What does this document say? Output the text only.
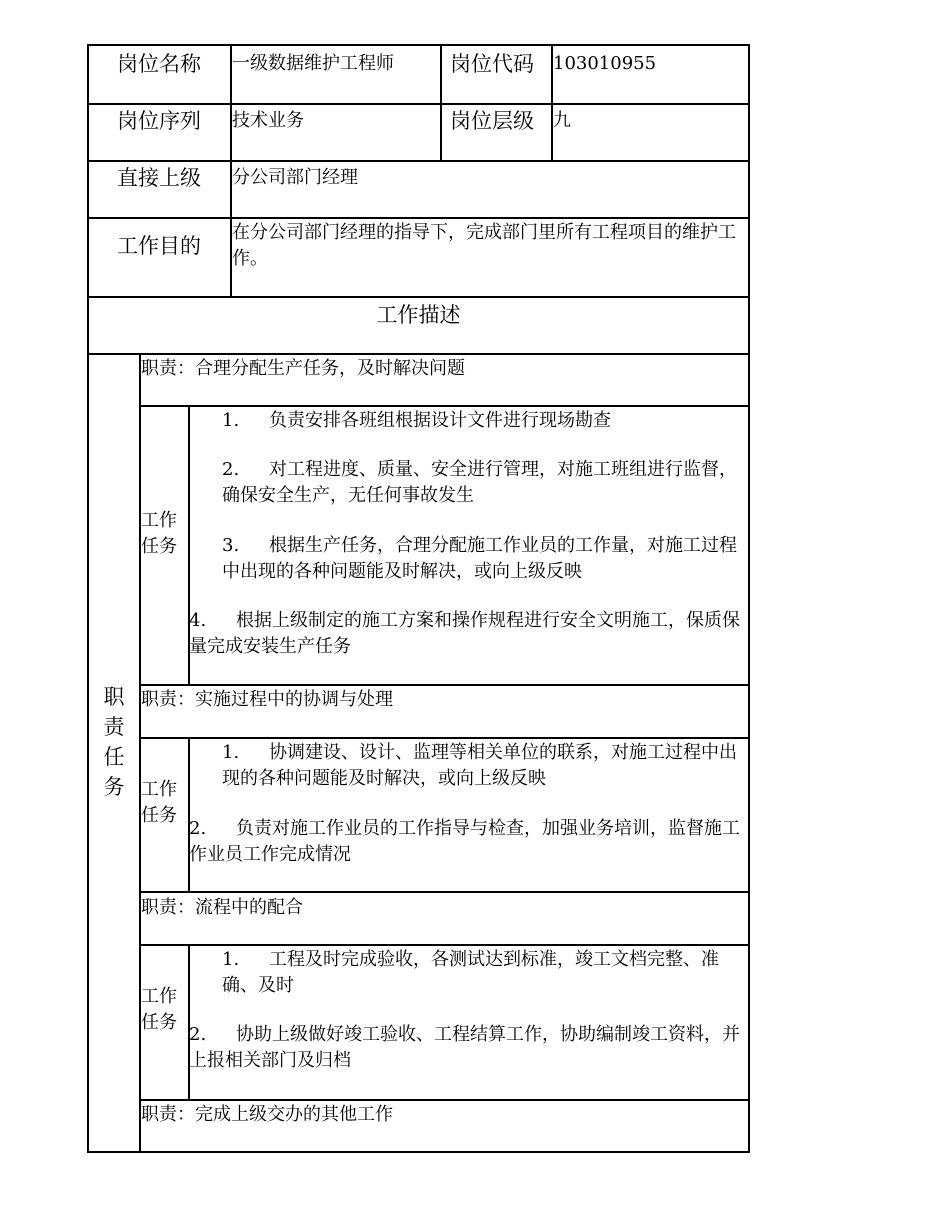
岗位名称 一级数据维护工程师	岗位代码 103010955
岗位序列 技术业务	岗位层级 九
直接上级 分公司部门经理
工作目的
在分公司部门经理的指导下，完成部门里所有工程项目的维护工作。
工作描述
职
责
任
务
职责：合理分配生产任务，及时解决问题
工作任务
1. 负责安排各班组根据设计文件进行现场勘查
2. 对工程进度、质量、安全进行管理，对施工班组进行监督，确保安全生产，无任何事故发生
3. 根据生产任务，合理分配施工作业员的工作量，对施工过程中出现的各种问题能及时解决，或向上级反映
4. 根据上级制定的施工方案和操作规程进行安全文明施工，保质保量完成安装生产任务
职责：实施过程中的协调与处理
工作任务
1. 协调建设、设计、监理等相关单位的联系，对施工过程中出现的各种问题能及时解决，或向上级反映
2. 负责对施工作业员的工作指导与检查，加强业务培训，监督施工作业员工作完成情况
职责：流程中的配合
工作任务
1. 工程及时完成验收，各测试达到标准，竣工文档完整、准确、及时
2. 协助上级做好竣工验收、工程结算工作，协助编制竣工资料，并上报相关部门及归档
职责：完成上级交办的其他工作
